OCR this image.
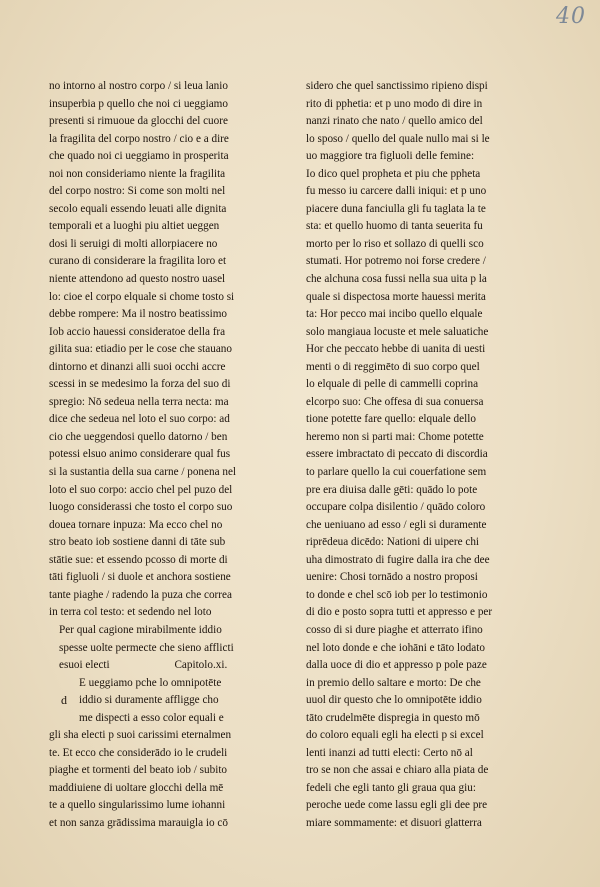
40
no intorno al nostro corpo / si leua lanio
insuperbia p quello che noi ci ueggiamo
presenti si rimuoue da glocchi del cuore
la fragilita del corpo nostro / cio e a dire
che quado noi ci ueggiamo in prosperita
noi non consideriamo niente la fragilita
del corpo nostro: Si come son molti nel
secolo equali essendo leuati alle dignita
temporali et a luoghi piu altiet ueggen
dosi li seruigi di molti allorpiacere no
curano di considerare la fragilita loro et
niente attendono ad questo nostro uasel
lo: cioe el corpo elquale si chome tosto si
debbe rompere: Ma il nostro beatissimo
Iob accio hauessi consideratoe della fra
gilita sua: etiadio per le cose che stauano
dintorno et dinanzi alli suoi occhi accre
scessi in se medesimo la forza del suo di
spregio: Nō sedeua nella terra necta: ma
dice che sedeua nel loto el suo corpo: ad
cio che ueggendosi quello datorno / ben
potessi elsuo animo considerare qual fus
si la sustantia della sua carne / ponena nel
loto el suo corpo: accio chel pel puzo del
luogo considerassi che tosto el corpo suo
douea tornare inpuza: Ma ecco chel no
stro beato iob sostiene danni di tāte sub
stātie sue: et essendo pcosso di morte di
tāti figluoli / si duole et anchora sostiene
tante piaghe / radendo la puza che correa
in terra col testo: et sedendo nel loto
Per qual cagione mirabilmente iddio
spesse uolte permecte che sieno afflicti
esuoi electi	Capitolo.xi.
E ueggiamo pche lo omnipotēte
d	iddio si duramente affligge cho
me dispecti a esso color equali e
gli sha electi p suoi carissimi eternalmen
te. Et ecco che considerādo io le crudeli
piaghe et tormenti del beato iob / subito
maddiuiene di uoltare glocchi della mē
te a quello singularissimo lume iohanni
et non sanza grādissima marauigla io cō
sidero che quel sanctissimo ripieno dispi
rito di pphetia: et p uno modo di dire in
nanzi rinato che nato / quello amico del
lo sposo / quello del quale nullo mai si le
uo maggiore tra figluoli delle femine:
Io dico quel propheta et piu che ppheta
fu messo iu carcere dalli iniqui: et p uno
piacere duna fanciulla gli fu taglata la te
sta: et quello huomo di tanta seuerita fu
morto per lo riso et sollazo di quelli sco
stumati. Hor potremo noi forse credere /
che alchuna cosa fussi nella sua uita p la
quale si dispectosa morte hauessi merita
ta: Hor pecco mai incibo quello elquale
solo mangiaua locuste et mele saluatiche
Hor che peccato hebbe di uanita di uesti
menti o di reggimēto di suo corpo quel
lo elquale di pelle di cammelli coprina
elcorpo suo: Che offesa di sua conuersa
tione potette fare quello: elquale dello
heremo non si parti mai: Chome potette
essere imbractato di peccato di discordia
to parlare quello la cui couerfatione sem
pre era diuisa dalle gēti: quādo lo pote
occupare colpa disilentio / quādo coloro
che ueniuano ad esso / egli si duramente
riprēdeua dicēdo: Nationi di uipere chi
uha dimostrato di fugire dalla ira che dee
uenire: Chosi tornādo a nostro proposi
to donde e chel scō iob per lo testimonio
di dio e posto sopra tutti et appresso e per
cosso di si dure piaghe et atterrato ifino
nel loto donde e che iohāni e tāto lodato
dalla uoce di dio et appresso p pole paze
in premio dello saltare e morto: De che
uuol dir questo che lo omnipotēte iddio
tāto crudelmēte dispregia in questo mō
do coloro equali egli ha electi p si excel
lenti inanzi ad tutti electi: Certo nō al
tro se non che assai e chiaro alla piata de
fedeli che egli tanto gli graua qua giu:
peroche uede come lassu egli gli dee pre
miare sommamente: et disuori glatterra
